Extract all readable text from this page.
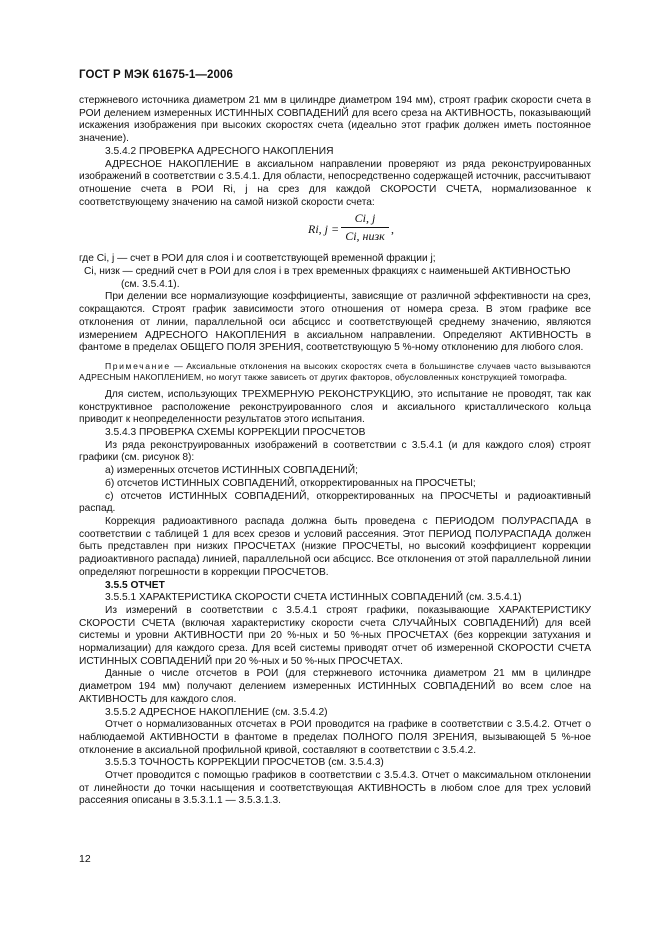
ГОСТ Р МЭК 61675-1—2006

стержневого источника диаметром 21 мм в цилиндре диаметром 194 мм), строят график скорости счета в РОИ делением измеренных ИСТИННЫХ СОВПАДЕНИЙ для всего среза на АКТИВНОСТЬ, показывающий искажения изображения при высоких скоростях счета (идеально этот график должен иметь постоянное значение).

3.5.4.2 ПРОВЕРКА АДРЕСНОГО НАКОПЛЕНИЯ

АДРЕСНОЕ НАКОПЛЕНИЕ в аксиальном направлении проверяют из ряда реконструированных изображений в соответствии с 3.5.4.1. Для области, непосредственно содержащей источник, рассчитывают отношение счета в РОИ Ri, j на срез для каждой СКОРОСТИ СЧЕТА, нормализованное к соответствующему значению на самой низкой скорости счета:

Ri, j =
Ci, j
Ci, низк ,

где Ci, j — счет в РОИ для слоя i и соответствующей временной фракции j;

Ci, низк — средний счет в РОИ для слоя i в трех временных фракциях с наименьшей АКТИВНОСТЬЮ (см. 3.5.4.1).

При делении все нормализующие коэффициенты, зависящие от различной эффективности на срез, сокращаются. Строят график зависимости этого отношения от номера среза. В этом графике все отклонения от линии, параллельной оси абсцисс и соответствующей среднему значению, являются измерением АДРЕСНОГО НАКОПЛЕНИЯ в аксиальном направлении. Определяют АКТИВНОСТЬ в фантоме в пределах ОБЩЕГО ПОЛЯ ЗРЕНИЯ, соответствующую 5 %-ному отклонению для любого слоя.

Примечание — Аксиальные отклонения на высоких скоростях счета в большинстве случаев часто вызываются АДРЕСНЫМ НАКОПЛЕНИЕМ, но могут также зависеть от других факторов, обусловленных конструкцией томографа.

Для систем, использующих ТРЕХМЕРНУЮ РЕКОНСТРУКЦИЮ, это испытание не проводят, так как конструктивное расположение реконструированного слоя и аксиального кристаллического кольца приводит к неопределенности результатов этого испытания.

3.5.4.3 ПРОВЕРКА СХЕМЫ КОРРЕКЦИИ ПРОСЧЕТОВ

Из ряда реконструированных изображений в соответствии с 3.5.4.1 (и для каждого слоя) строят графики (см. рисунок 8):

а) измеренных отсчетов ИСТИННЫХ СОВПАДЕНИЙ;

б) отсчетов ИСТИННЫХ СОВПАДЕНИЙ, откорректированных на ПРОСЧЕТЫ;

с) отсчетов ИСТИННЫХ СОВПАДЕНИЙ, откорректированных на ПРОСЧЕТЫ и радиоактивный распад.

Коррекция радиоактивного распада должна быть проведена с ПЕРИОДОМ ПОЛУРАСПАДА в соответствии с таблицей 1 для всех срезов и условий рассеяния. Этот ПЕРИОД ПОЛУРАСПАДА должен быть представлен при низких ПРОСЧЕТАХ (низкие ПРОСЧЕТЫ, но высокий коэффициент коррекции радиоактивного распада) линией, параллельной оси абсцисс. Все отклонения от этой параллельной линии определяют погрешности в коррекции ПРОСЧЕТОВ.

3.5.5 ОТЧЕТ

3.5.5.1 ХАРАКТЕРИСТИКА СКОРОСТИ СЧЕТА ИСТИННЫХ СОВПАДЕНИЙ (см. 3.5.4.1)

Из измерений в соответствии с 3.5.4.1 строят графики, показывающие ХАРАКТЕРИСТИКУ СКОРОСТИ СЧЕТА (включая характеристику скорости счета СЛУЧАЙНЫХ СОВПАДЕНИЙ) для всей системы и уровни АКТИВНОСТИ при 20 %-ных и 50 %-ных ПРОСЧЕТАХ (без коррекции затухания и нормализации) для каждого среза. Для всей системы приводят отчет об измеренной СКОРОСТИ СЧЕТА ИСТИННЫХ СОВПАДЕНИЙ при 20 %-ных и 50 %-ных ПРОСЧЕТАХ.

Данные о числе отсчетов в РОИ (для стержневого источника диаметром 21 мм в цилиндре диаметром 194 мм) получают делением измеренных ИСТИННЫХ СОВПАДЕНИЙ во всем слое на АКТИВНОСТЬ для каждого слоя.

3.5.5.2 АДРЕСНОЕ НАКОПЛЕНИЕ (см. 3.5.4.2)

Отчет о нормализованных отсчетах в РОИ проводится на графике в соответствии с 3.5.4.2. Отчет о наблюдаемой АКТИВНОСТИ в фантоме в пределах ПОЛНОГО ПОЛЯ ЗРЕНИЯ, вызывающей 5 %-ное отклонение в аксиальной профильной кривой, составляют в соответствии с 3.5.4.2.

3.5.5.3 ТОЧНОСТЬ КОРРЕКЦИИ ПРОСЧЕТОВ (см. 3.5.4.3)

Отчет проводится с помощью графиков в соответствии с 3.5.4.3. Отчет о максимальном отклонении от линейности до точки насыщения и соответствующая АКТИВНОСТЬ в любом слое для трех условий рассеяния описаны в 3.5.3.1.1 — 3.5.3.1.3.

12
